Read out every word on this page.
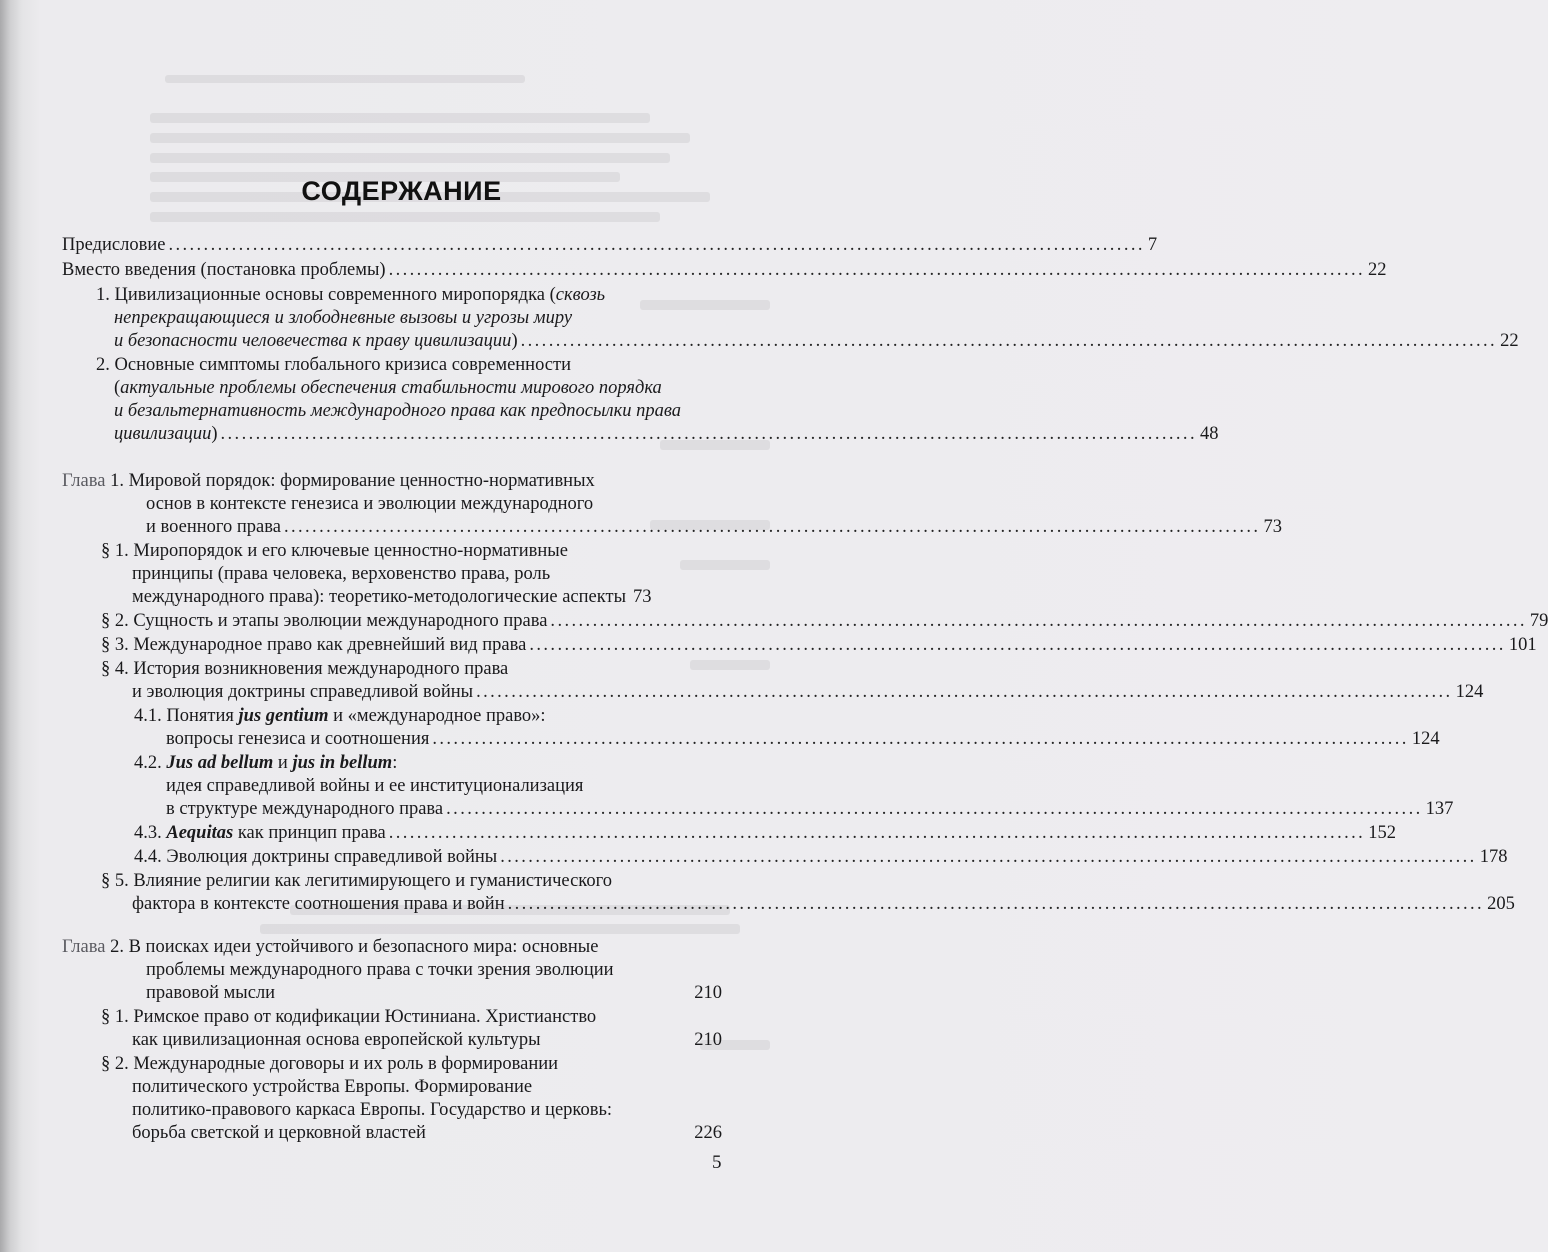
СОДЕРЖАНИЕ
Предисловие ........................................................................................................................................... 7
Вместо введения (постановка проблемы) ........................................................................................................................................... 22
1. Цивилизационные основы современного миропорядка (сквозь
непрекращающиеся и злободневные вызовы и угрозы миру
и безопасности человечества к праву цивилизации) ........................................................................................................................................... 22
2. Основные симптомы глобального кризиса современности
(актуальные проблемы обеспечения стабильности мирового порядка
и безальтернативность международного права как предпосылки права
цивилизации) ........................................................................................................................................... 48
Глава 1. Мировой порядок: формирование ценностно-нормативных
основ в контексте генезиса и эволюции международного
и военного права ........................................................................................................................................... 73
§ 1. Миропорядок и его ключевые ценностно-нормативные
принципы (права человека, верховенство права, роль
международного права): теоретико-методологические аспекты 73
§ 2. Сущность и этапы эволюции международного права ........................................................................................................................................... 79
§ 3. Международное право как древнейший вид права ........................................................................................................................................... 101
§ 4. История возникновения международного права
и эволюция доктрины справедливой войны ........................................................................................................................................... 124
4.1. Понятия jus gentium и «международное право»:
вопросы генезиса и соотношения ........................................................................................................................................... 124
4.2. Jus ad bellum и jus in bellum:
идея справедливой войны и ее институционализация
в структуре международного права ........................................................................................................................................... 137
4.3. Aequitas как принцип права ........................................................................................................................................... 152
4.4. Эволюция доктрины справедливой войны ........................................................................................................................................... 178
§ 5. Влияние религии как легитимирующего и гуманистического
фактора в контексте соотношения права и войн ........................................................................................................................................... 205
Глава 2. В поисках идеи устойчивого и безопасного мира: основные
проблемы международного права с точки зрения эволюции
правовой мысли	210
§ 1. Римское право от кодификации Юстиниана. Христианство
как цивилизационная основа европейской культуры	210
§ 2. Международные договоры и их роль в формировании
политического устройства Европы. Формирование
политико-правового каркаса Европы. Государство и церковь:
борьба светской и церковной властей	226
5
